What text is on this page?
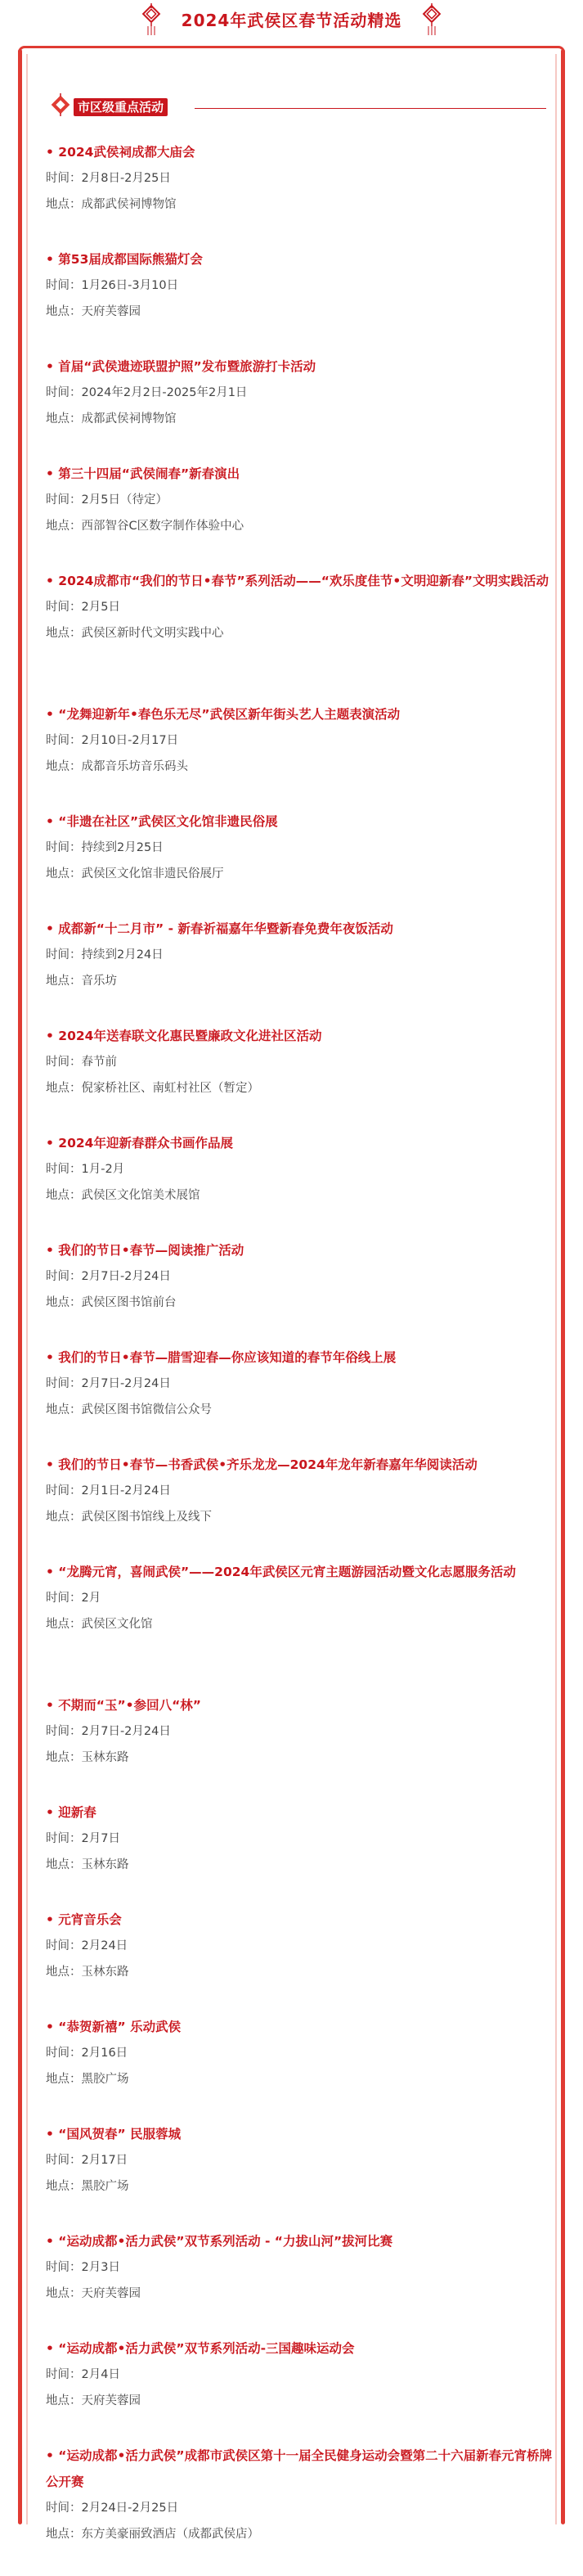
2024年武侯区春节活动精选
市区级重点活动

• 2024武侯祠成都大庙会

时间：2月8日-2月25日

地点：成都武侯祠博物馆

• 第53届成都国际熊猫灯会

时间：1月26日-3月10日

地点：天府芙蓉园

• 首届“武侯遗迹联盟护照”发布暨旅游打卡活动

时间：2024年2月2日-2025年2月1日

地点：成都武侯祠博物馆

• 第三十四届“武侯闹春”新春演出

时间：2月5日（待定）

地点：西部智谷C区数字制作体验中心

• 2024成都市“我们的节日•春节”系列活动——“欢乐度佳节•文明迎新春”文明实践活动

时间：2月5日

地点：武侯区新时代文明实践中心

• “龙舞迎新年•春色乐无尽”武侯区新年街头艺人主题表演活动

时间：2月10日-2月17日

地点：成都音乐坊音乐码头

• “非遗在社区”武侯区文化馆非遗民俗展

时间：持续到2月25日

地点：武侯区文化馆非遗民俗展厅

• 成都新“十二月市” - 新春祈福嘉年华暨新春免费年夜饭活动

时间：持续到2月24日

地点：音乐坊

• 2024年送春联文化惠民暨廉政文化进社区活动

时间：春节前

地点：倪家桥社区、南虹村社区（暂定）

• 2024年迎新春群众书画作品展

时间：1月-2月

地点：武侯区文化馆美术展馆

• 我们的节日•春节—阅读推广活动

时间：2月7日-2月24日

地点：武侯区图书馆前台

• 我们的节日•春节—腊雪迎春—你应该知道的春节年俗线上展

时间：2月7日-2月24日

地点：武侯区图书馆微信公众号

• 我们的节日•春节—书香武侯•齐乐龙龙—2024年龙年新春嘉年华阅读活动

时间：2月1日-2月24日

地点：武侯区图书馆线上及线下

• “龙腾元宵，喜闹武侯”——2024年武侯区元宵主题游园活动暨文化志愿服务活动

时间：2月

地点：武侯区文化馆

• 不期而“玉”•参回八“林”

时间：2月7日-2月24日

地点：玉林东路

• 迎新春

时间：2月7日

地点：玉林东路

• 元宵音乐会

时间：2月24日

地点：玉林东路

• “恭贺新禧” 乐动武侯

时间：2月16日

地点：黑胶广场

• “国风贺春” 民服蓉城

时间：2月17日

地点：黑胶广场

• “运动成都•活力武侯”双节系列活动 - “力拔山河”拔河比赛

时间：2月3日

地点：天府芙蓉园

• “运动成都•活力武侯”双节系列活动-三国趣味运动会

时间：2月4日

地点：天府芙蓉园

• “运动成都•活力武侯”成都市武侯区第十一届全民健身运动会暨第二十六届新春元宵桥牌公开赛

时间：2月24日-2月25日

地点：东方美豪丽致酒店（成都武侯店）
